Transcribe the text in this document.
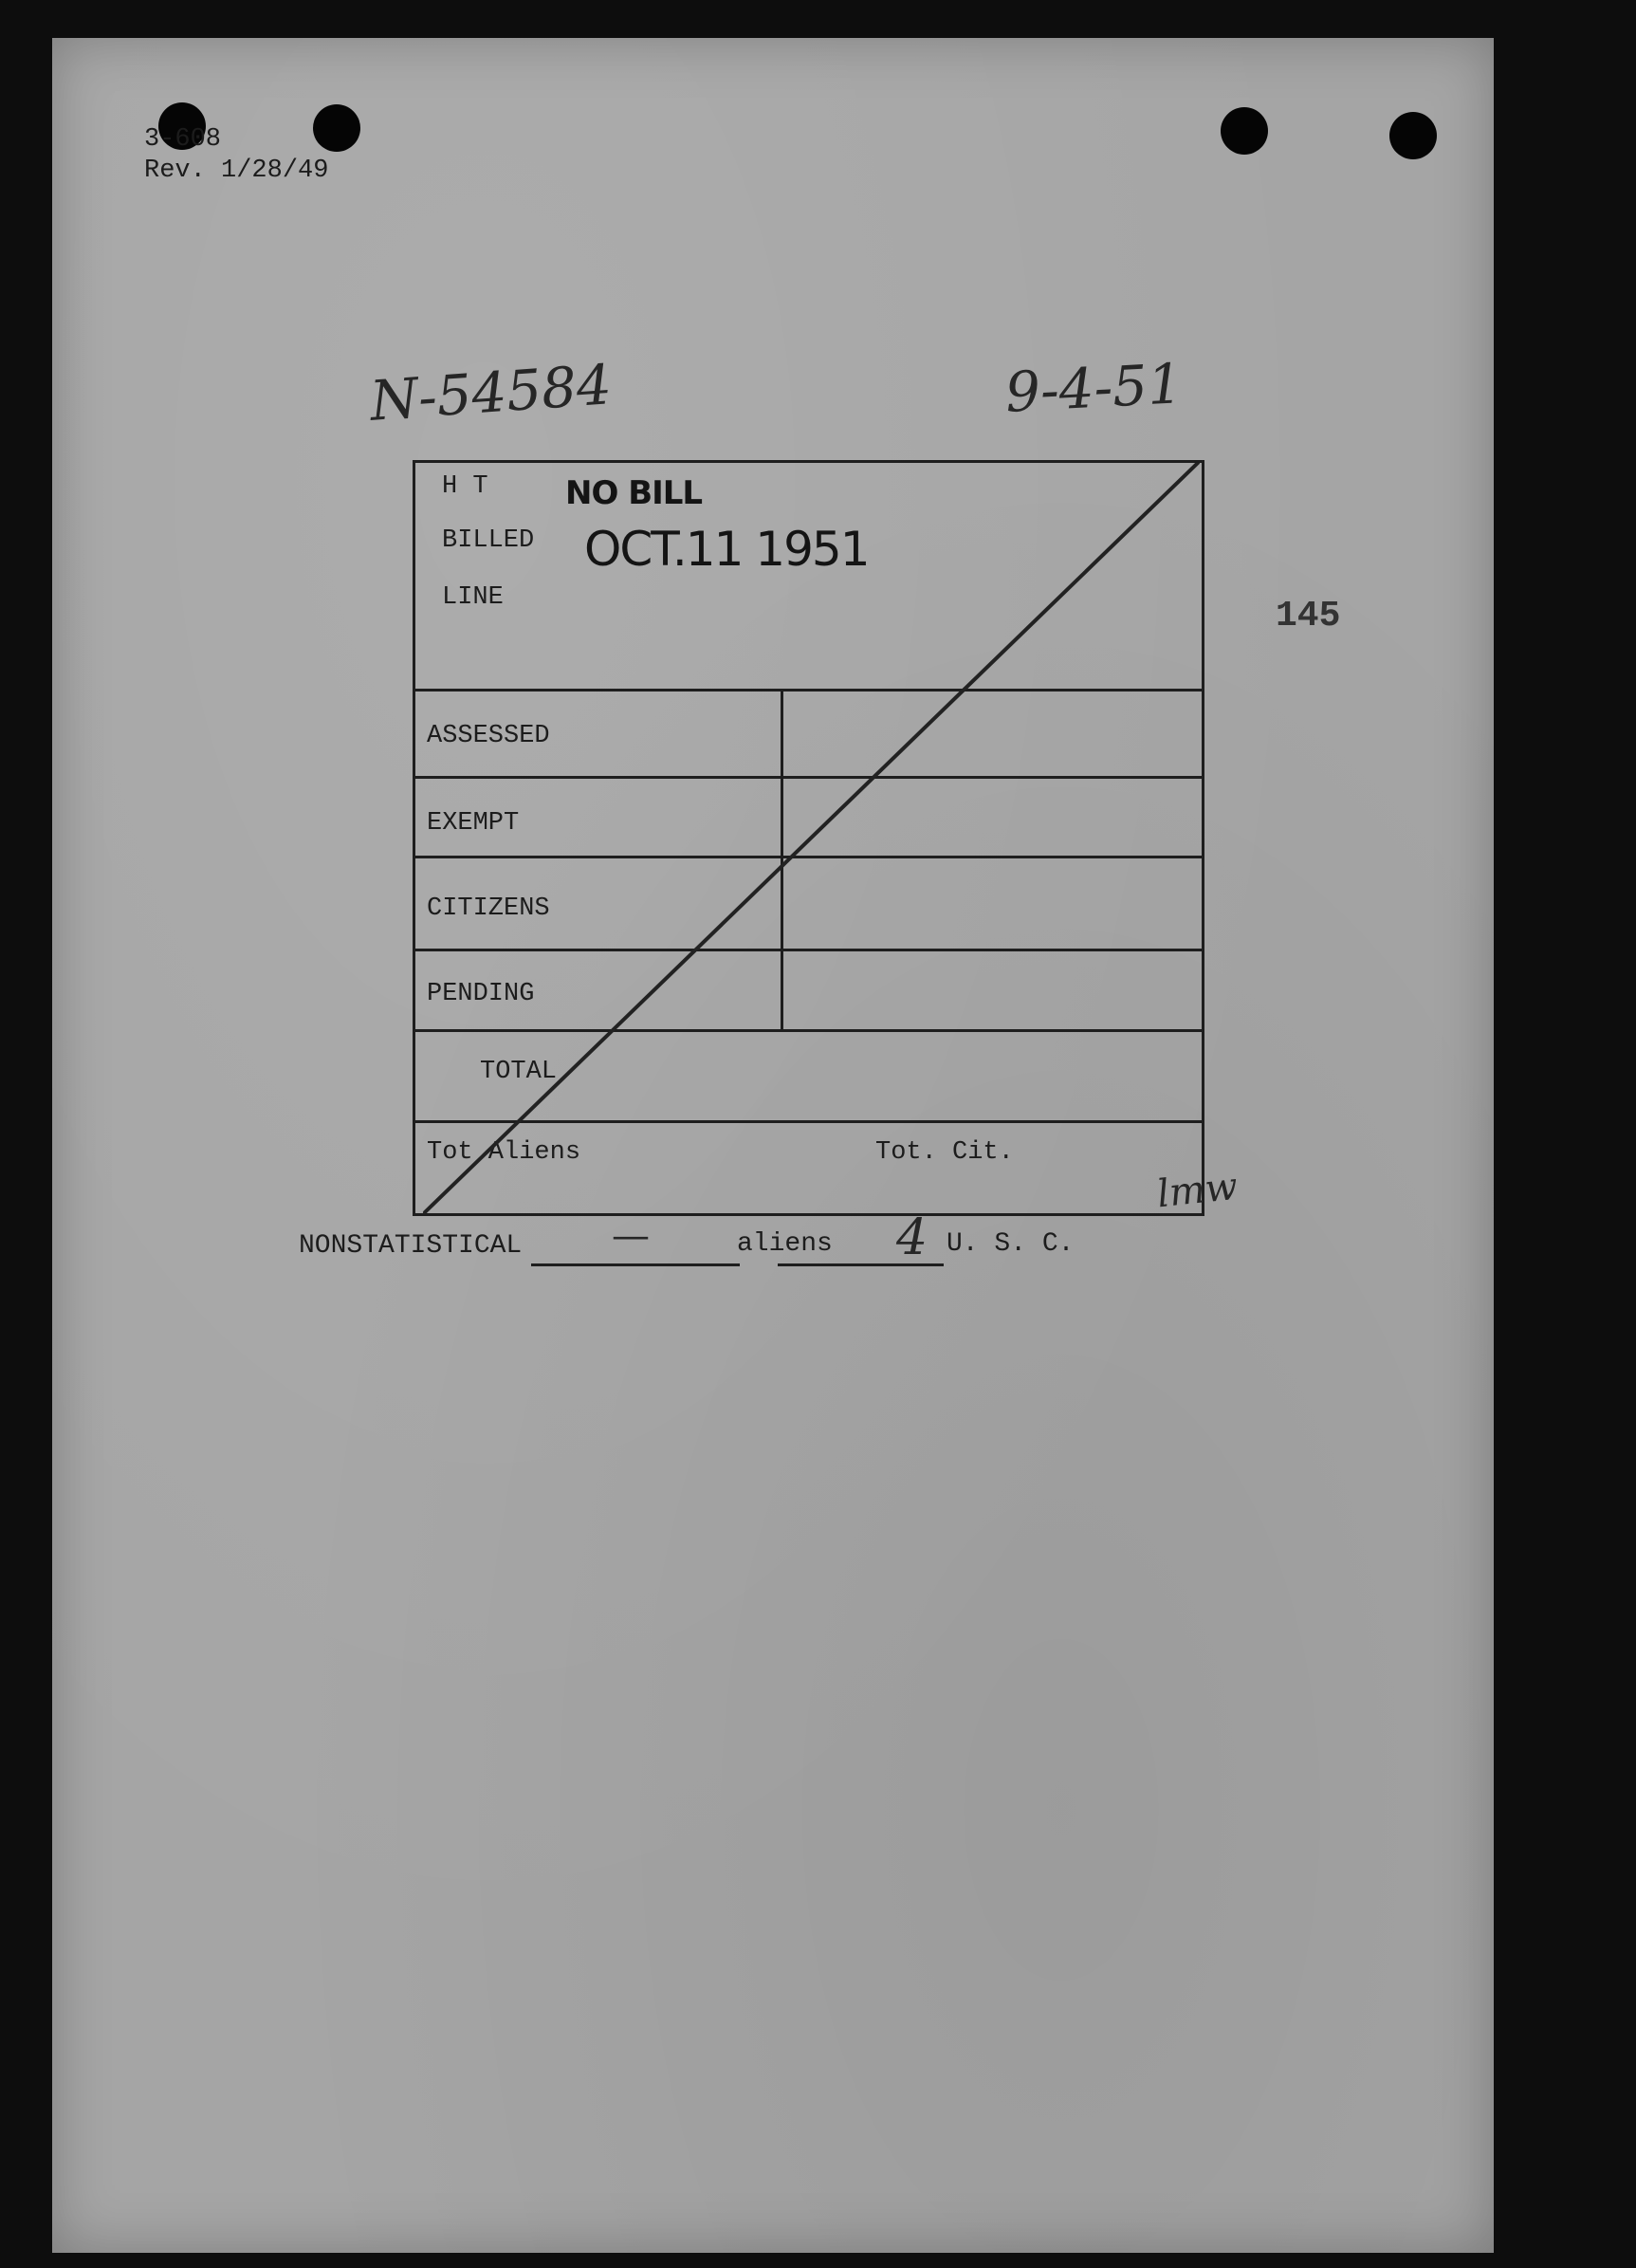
3-608
Rev. 1/28/49
N-54584	9-4-51
145
H T
BILLED
LINE
NO BILL
OCT.11 1951
ASSESSED
EXEMPT
CITIZENS
PENDING
TOTAL
Tot Aliens	Tot. Cit.
lmw
NONSTATISTICAL —	aliens 4 U. S. C.
